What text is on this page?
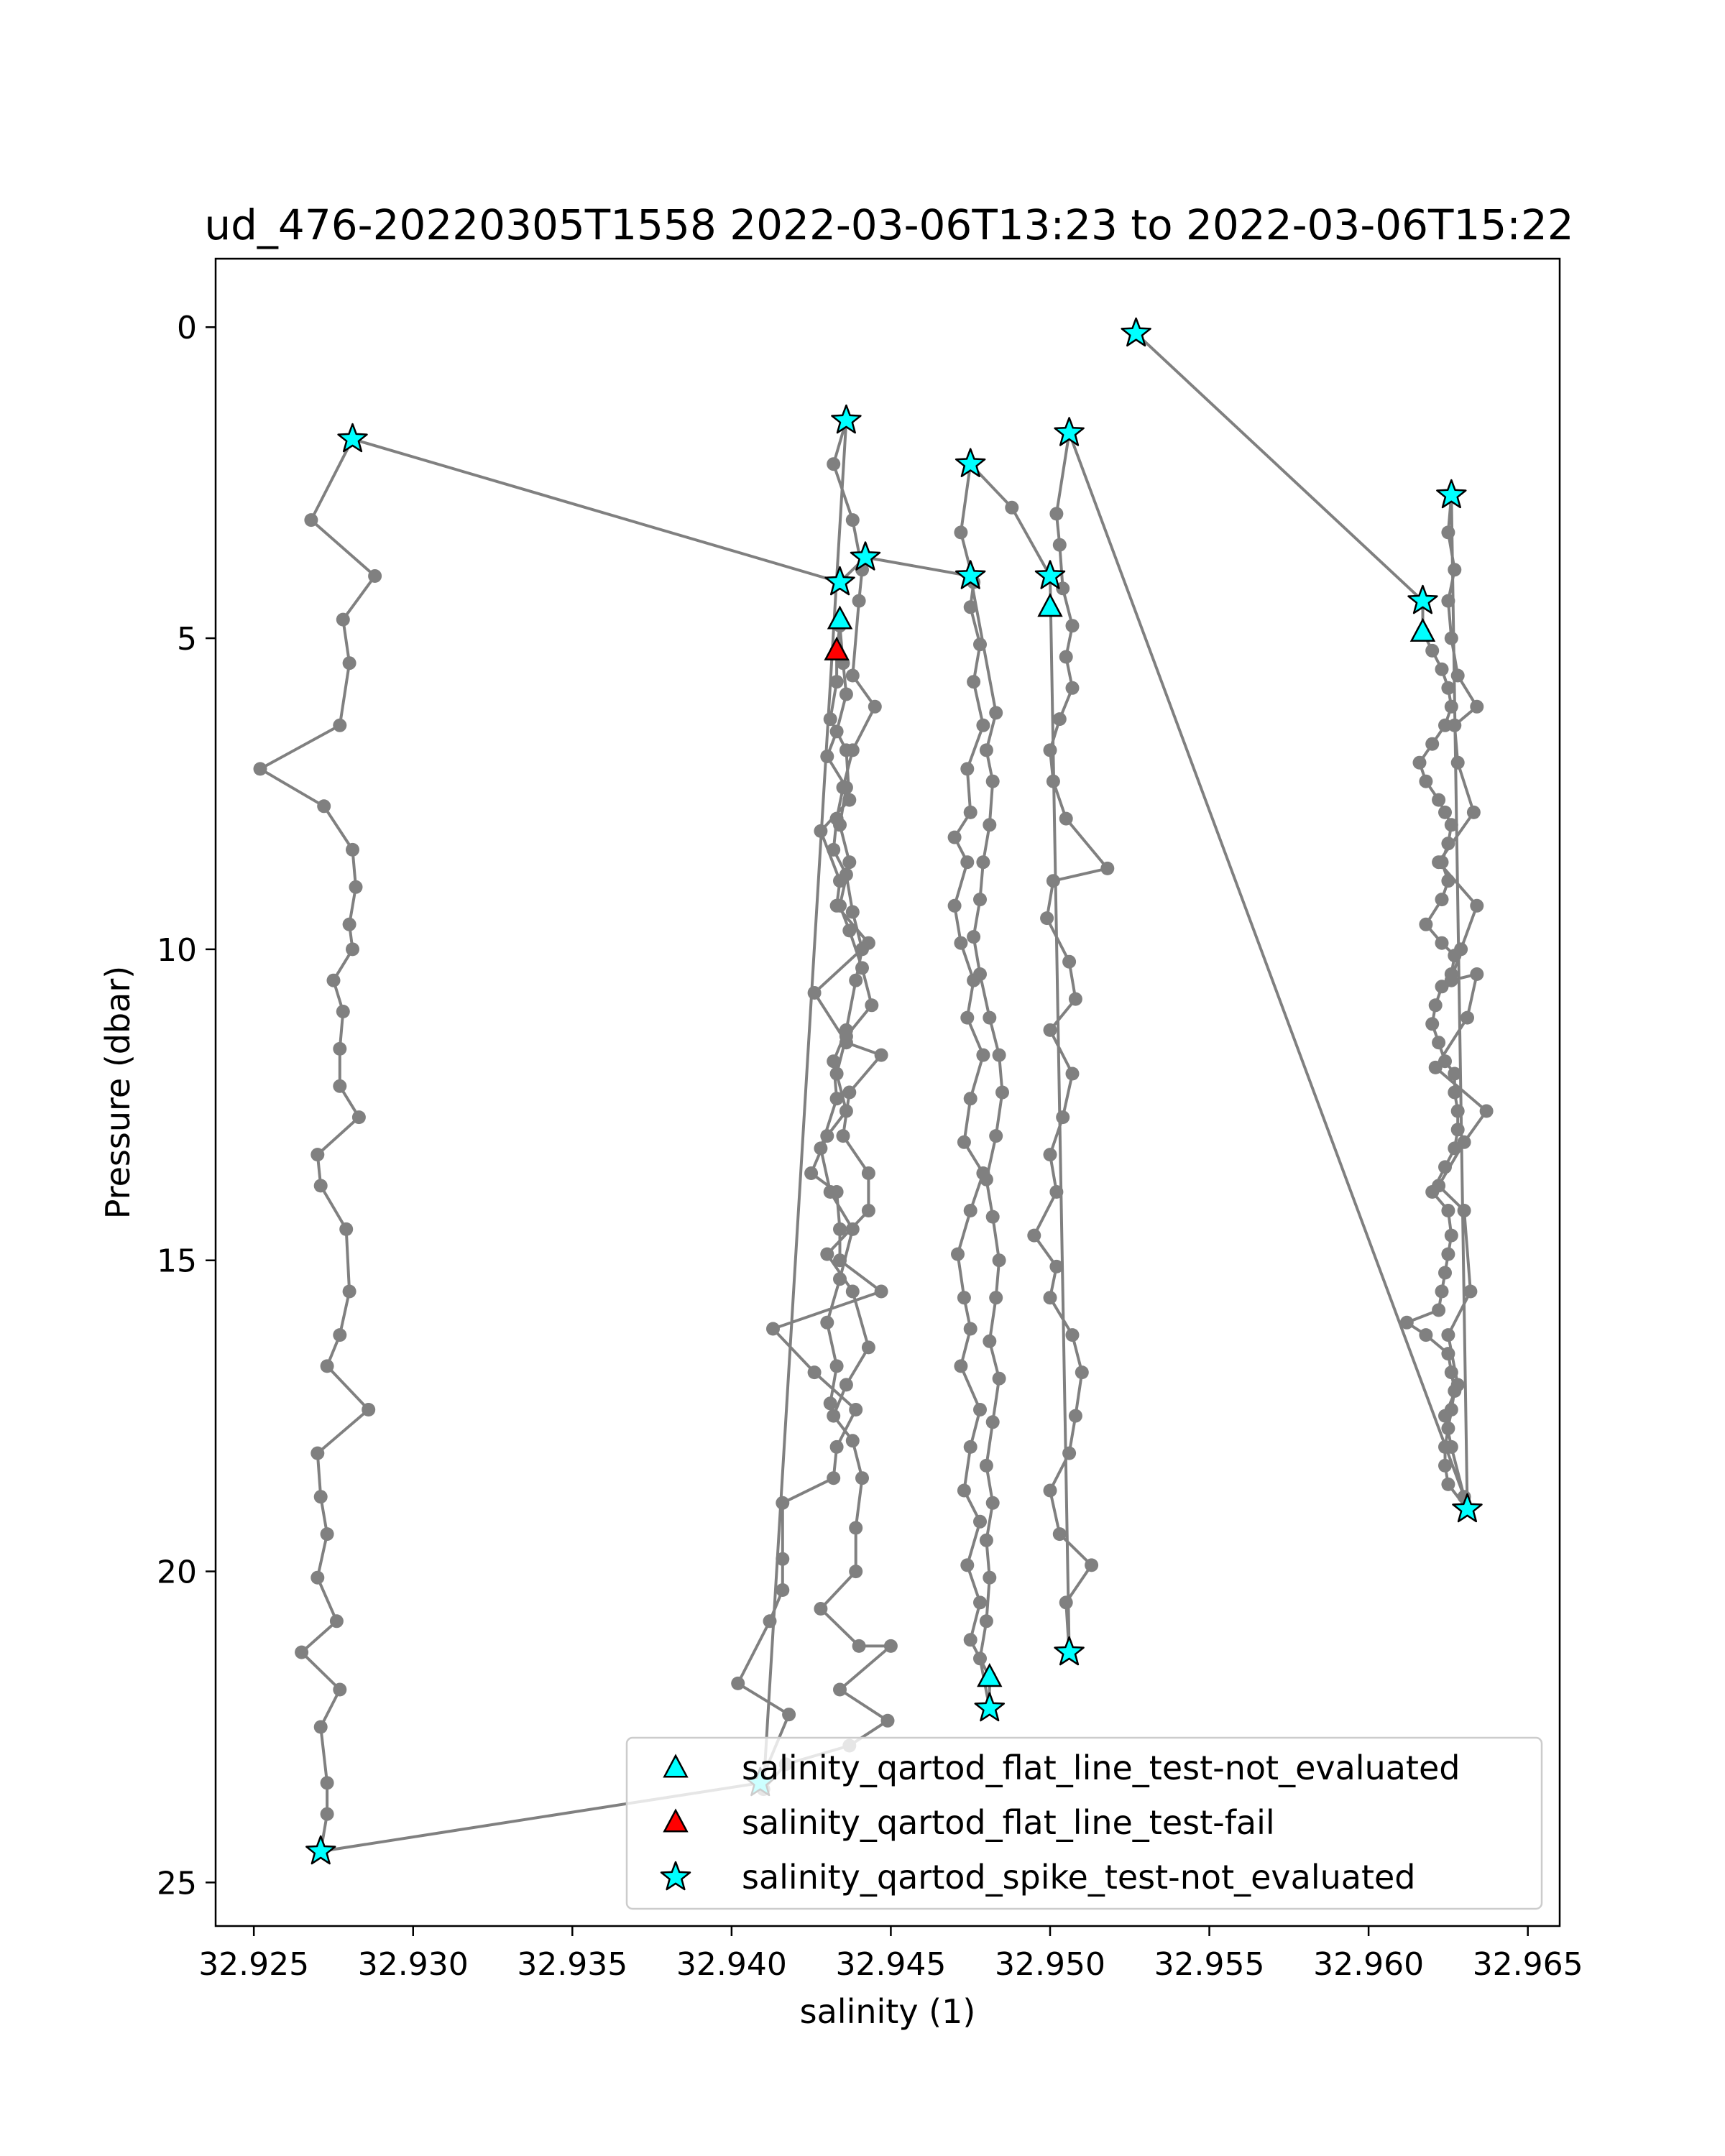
ud_476-20220305T1558 2022-03-06T13:23 to 2022-03-06T15:22
32.925 32.930 32.935 32.940 32.945 32.950 32.955 32.960 32.965
0
5
10
15
20
25
salinity (1)
Pressure (dbar)
salinity_qartod_flat_line_test-not_evaluated
salinity_qartod_flat_line_test-fail
salinity_qartod_spike_test-not_evaluated
